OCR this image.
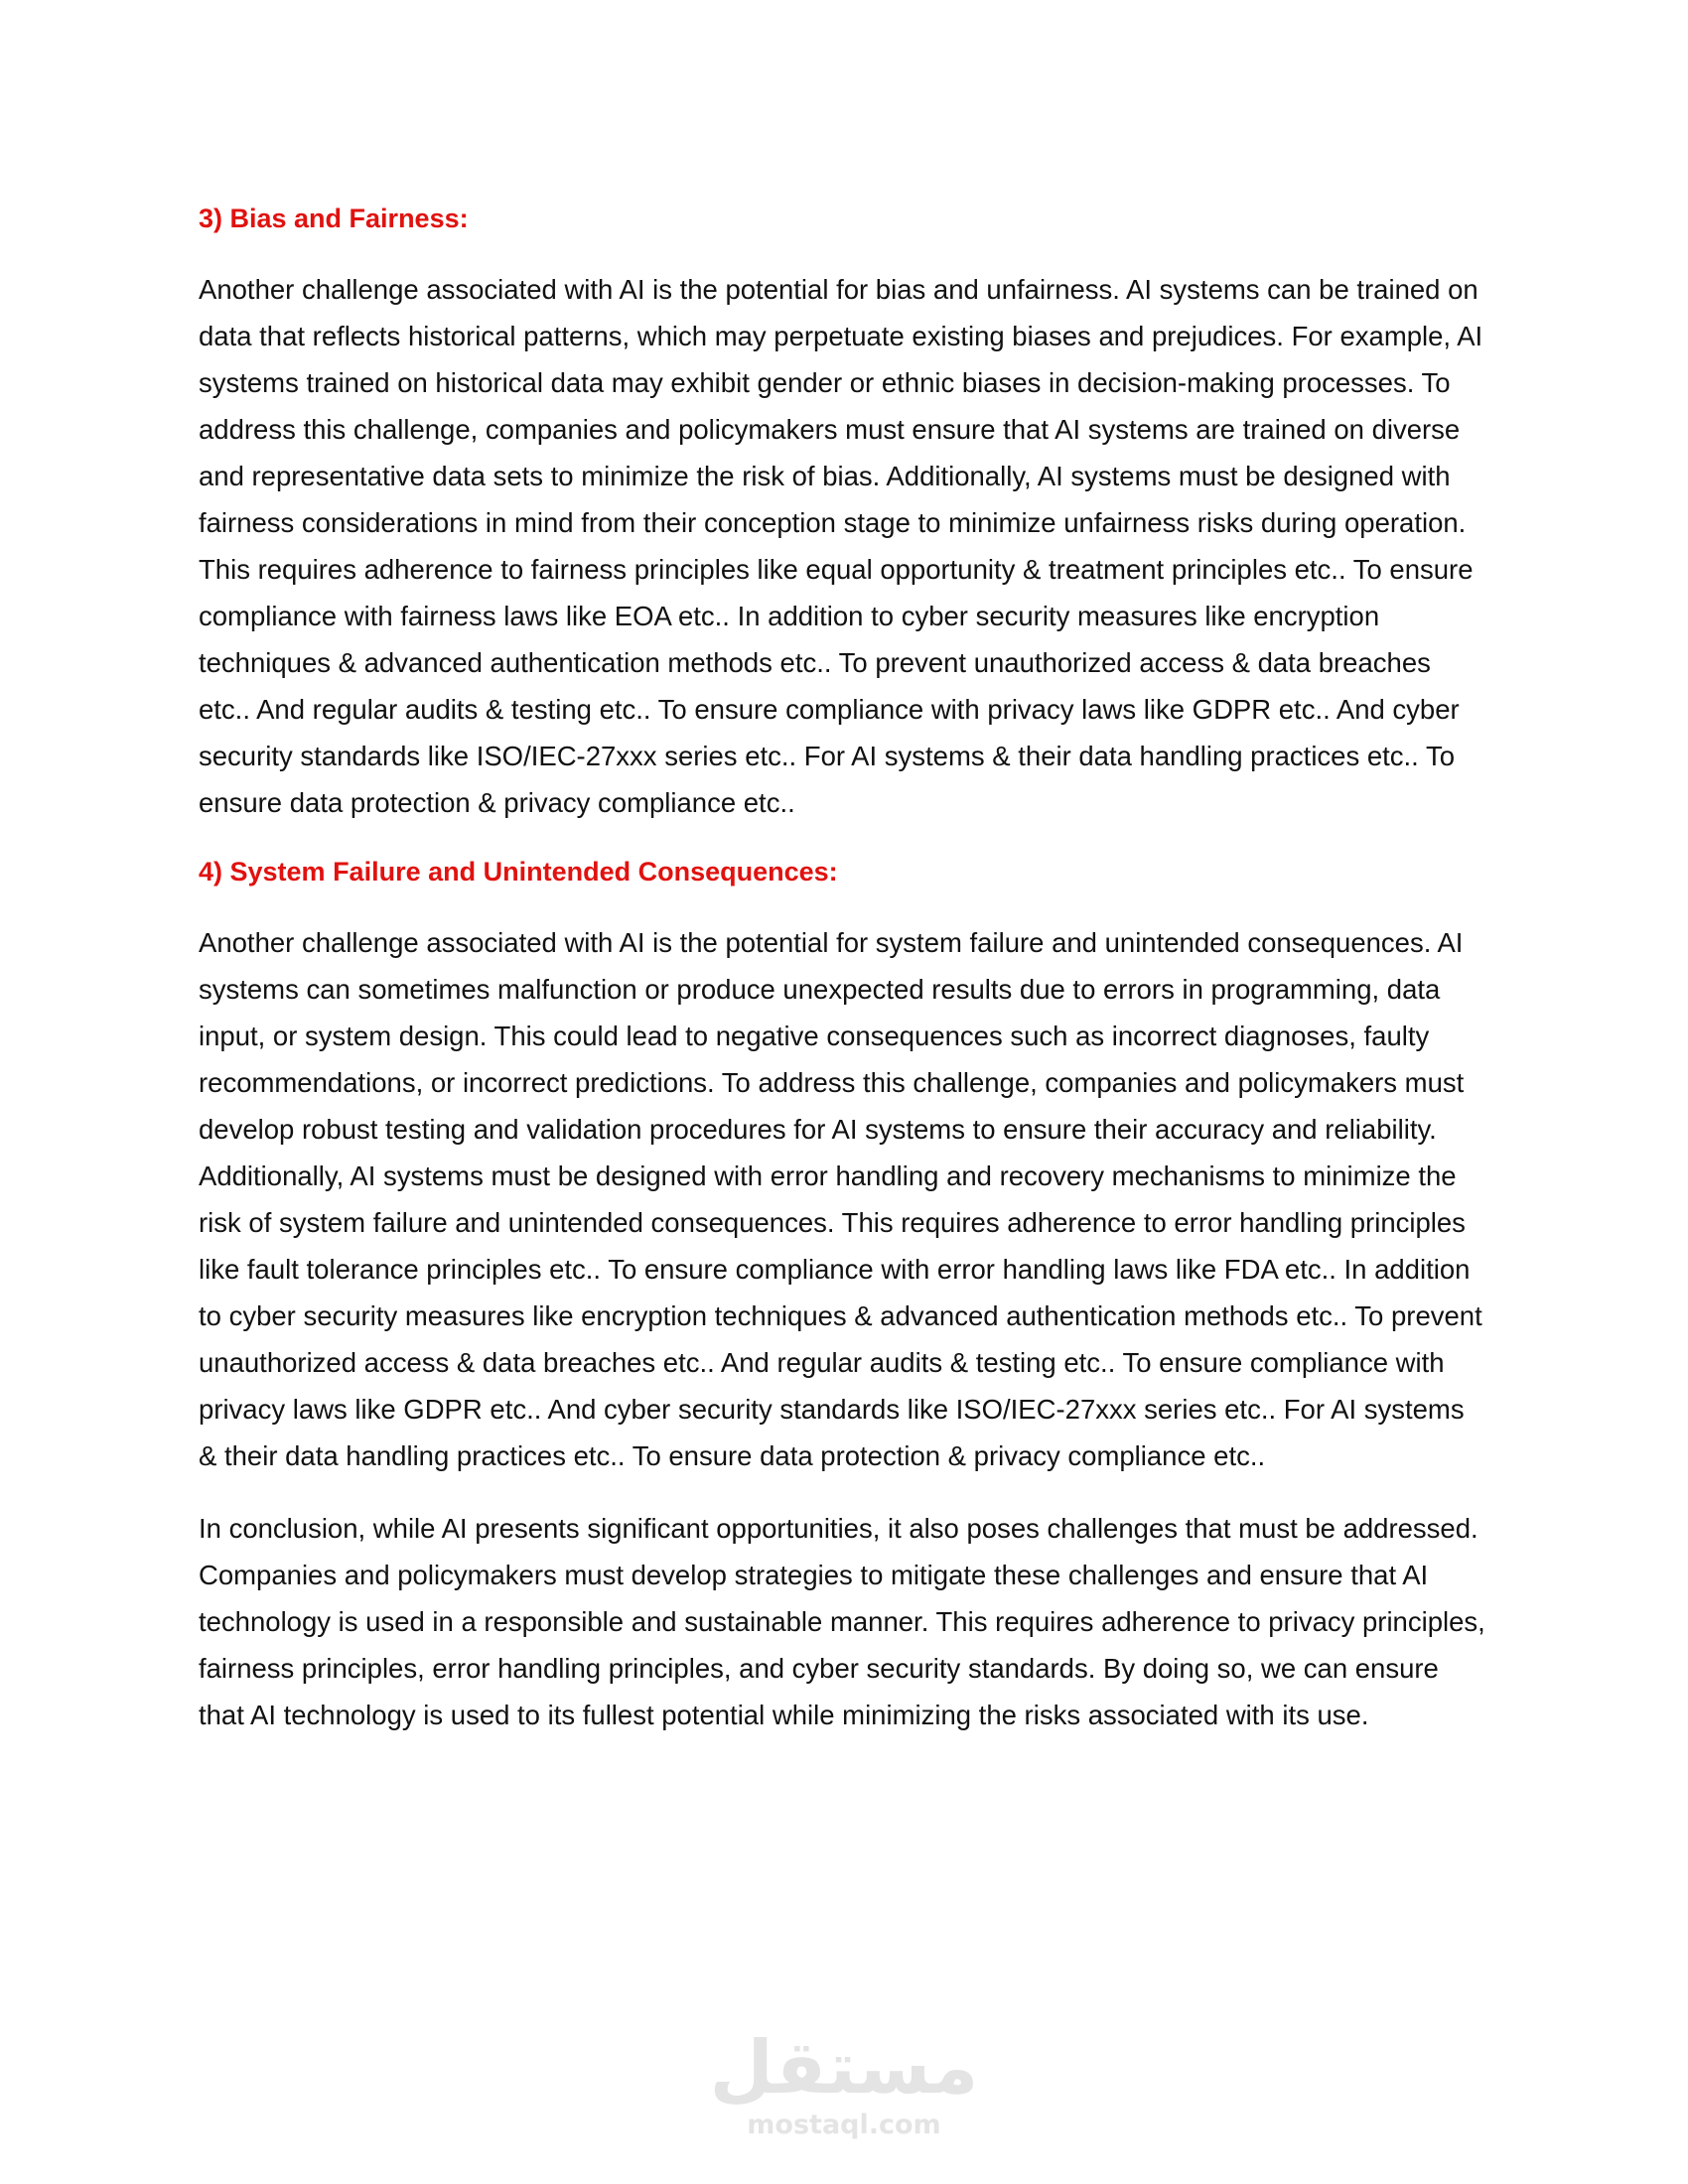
3) Bias and Fairness:

Another challenge associated with AI is the potential for bias and unfairness. AI systems can be trained on data that reflects historical patterns, which may perpetuate existing biases and prejudices. For example, AI systems trained on historical data may exhibit gender or ethnic biases in decision-making processes. To address this challenge, companies and policymakers must ensure that AI systems are trained on diverse and representative data sets to minimize the risk of bias. Additionally, AI systems must be designed with fairness considerations in mind from their conception stage to minimize unfairness risks during operation. This requires adherence to fairness principles like equal opportunity & treatment principles etc.. To ensure compliance with fairness laws like EOA etc.. In addition to cyber security measures like encryption techniques & advanced authentication methods etc.. To prevent unauthorized access & data breaches etc.. And regular audits & testing etc.. To ensure compliance with privacy laws like GDPR etc.. And cyber security standards like ISO/IEC-27xxx series etc.. For AI systems & their data handling practices etc.. To ensure data protection & privacy compliance etc..

4) System Failure and Unintended Consequences:

Another challenge associated with AI is the potential for system failure and unintended consequences. AI systems can sometimes malfunction or produce unexpected results due to errors in programming, data input, or system design. This could lead to negative consequences such as incorrect diagnoses, faulty recommendations, or incorrect predictions. To address this challenge, companies and policymakers must develop robust testing and validation procedures for AI systems to ensure their accuracy and reliability. Additionally, AI systems must be designed with error handling and recovery mechanisms to minimize the risk of system failure and unintended consequences. This requires adherence to error handling principles like fault tolerance principles etc.. To ensure compliance with error handling laws like FDA etc.. In addition to cyber security measures like encryption techniques & advanced authentication methods etc.. To prevent unauthorized access & data breaches etc.. And regular audits & testing etc.. To ensure compliance with privacy laws like GDPR etc.. And cyber security standards like ISO/IEC-27xxx series etc.. For AI systems & their data handling practices etc.. To ensure data protection & privacy compliance etc..

In conclusion, while AI presents significant opportunities, it also poses challenges that must be addressed. Companies and policymakers must develop strategies to mitigate these challenges and ensure that AI technology is used in a responsible and sustainable manner. This requires adherence to privacy principles, fairness principles, error handling principles, and cyber security standards. By doing so, we can ensure that AI technology is used to its fullest potential while minimizing the risks associated with its use.

مستقل
mostaql.com
